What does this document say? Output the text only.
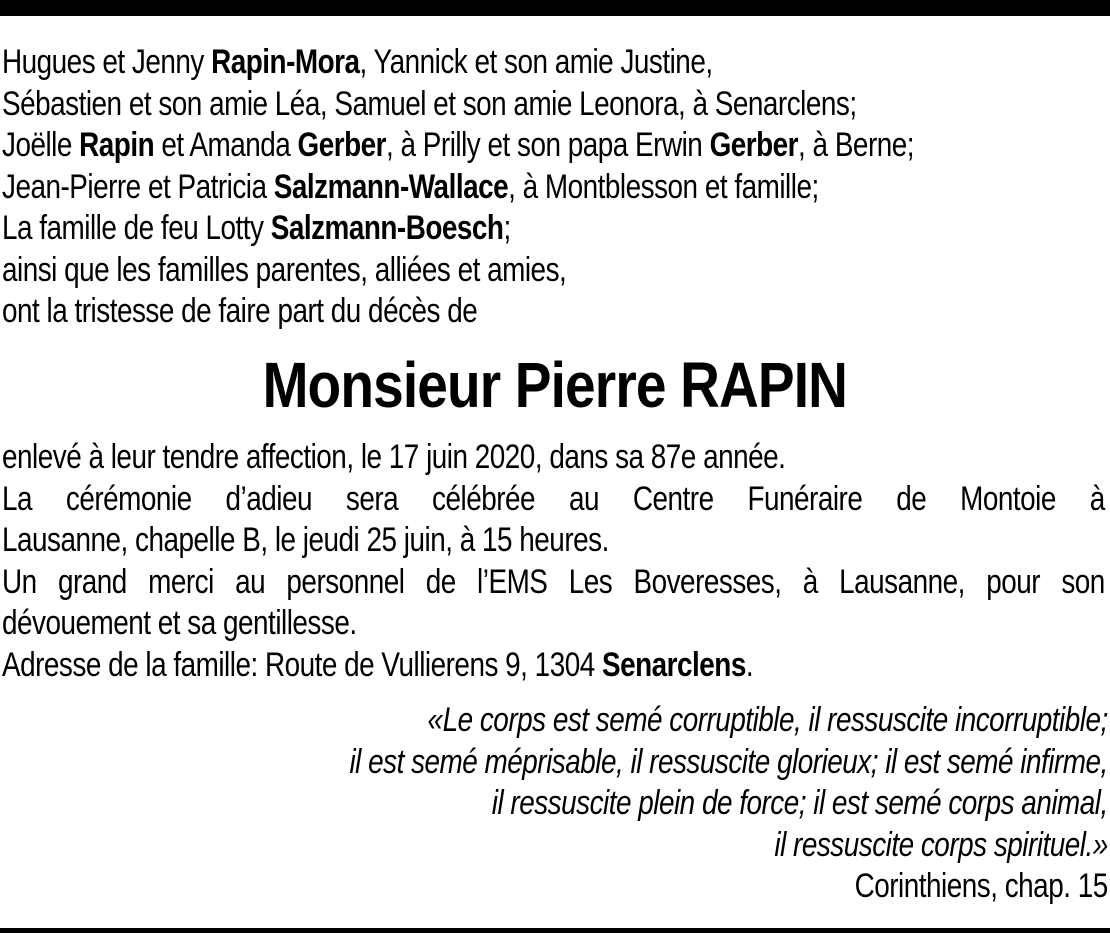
Hugues et Jenny Rapin-Mora, Yannick et son amie Justine,
Sébastien et son amie Léa, Samuel et son amie Leonora, à Senarclens;
Joëlle Rapin et Amanda Gerber, à Prilly et son papa Erwin Gerber, à Berne;
Jean-Pierre et Patricia Salzmann-Wallace, à Montblesson et famille;
La famille de feu Lotty Salzmann-Boesch;
ainsi que les familles parentes, alliées et amies,
ont la tristesse de faire part du décès de
Monsieur Pierre RAPIN
enlevé à leur tendre affection, le 17 juin 2020, dans sa 87e année.
La cérémonie d’adieu sera célébrée au Centre Funéraire de Montoie à
Lausanne, chapelle B, le jeudi 25 juin, à 15 heures.
Un grand merci au personnel de l’EMS Les Boveresses, à Lausanne, pour son
dévouement et sa gentillesse.
Adresse de la famille: Route de Vullierens 9, 1304 Senarclens.
«Le corps est semé corruptible, il ressuscite incorruptible;
il est semé méprisable, il ressuscite glorieux; il est semé infirme,
il ressuscite plein de force; il est semé corps animal,
il ressuscite corps spirituel.»
Corinthiens, chap. 15
